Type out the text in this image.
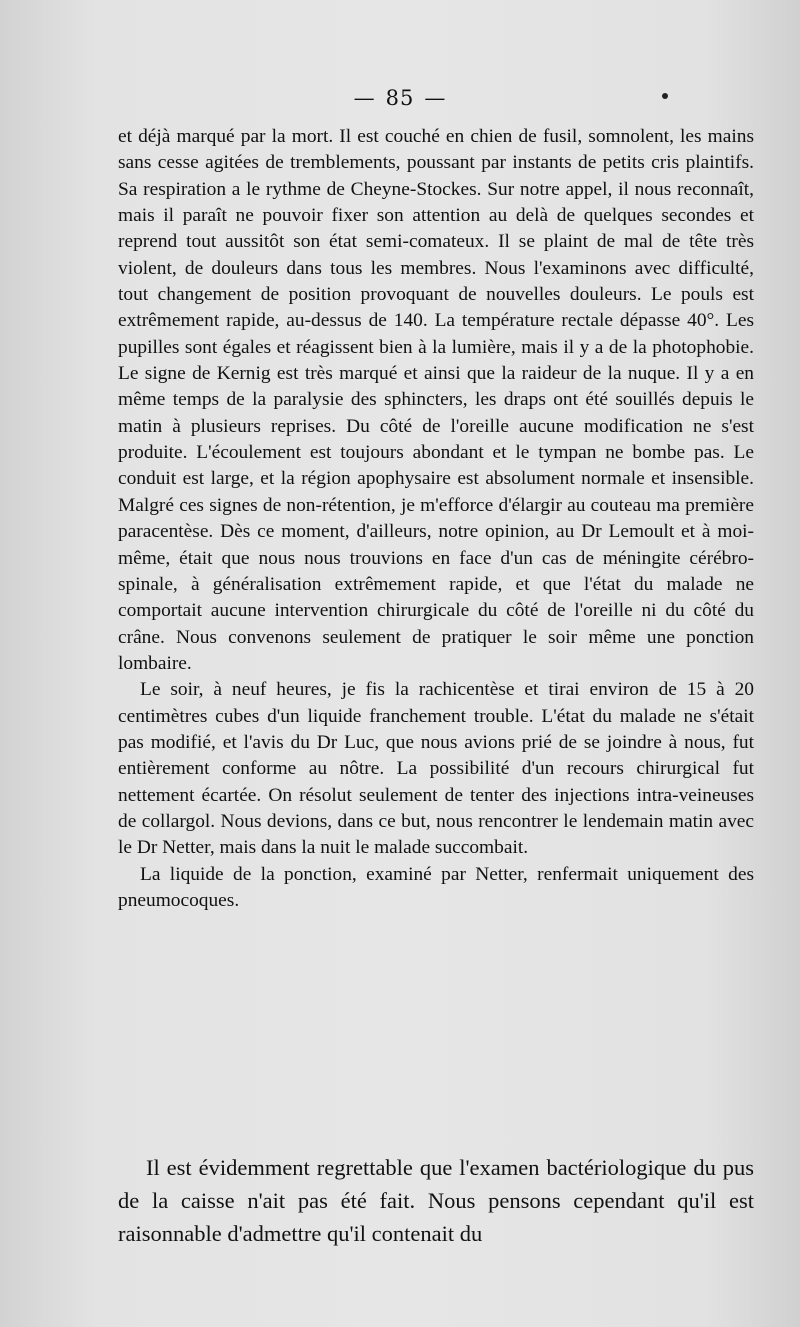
— 85 —

et déjà marqué par la mort. Il est couché en chien de fusil, somnolent, les mains sans cesse agitées de tremblements, poussant par instants de petits cris plaintifs. Sa respiration a le rythme de Cheyne-Stockes. Sur notre appel, il nous reconnaît, mais il paraît ne pouvoir fixer son attention au delà de quelques secondes et reprend tout aussitôt son état semi-comateux. Il se plaint de mal de tête très violent, de douleurs dans tous les membres. Nous l'examinons avec difficulté, tout changement de position provoquant de nouvelles douleurs. Le pouls est extrêmement rapide, au-dessus de 140. La température rectale dépasse 40°. Les pupilles sont égales et réagissent bien à la lumière, mais il y a de la photophobie. Le signe de Kernig est très marqué et ainsi que la raideur de la nuque. Il y a en même temps de la paralysie des sphincters, les draps ont été souillés depuis le matin à plusieurs reprises. Du côté de l'oreille aucune modification ne s'est produite. L'écoulement est toujours abondant et le tympan ne bombe pas. Le conduit est large, et la région apophysaire est absolument normale et insensible. Malgré ces signes de non-rétention, je m'efforce d'élargir au couteau ma première paracentèse. Dès ce moment, d'ailleurs, notre opinion, au Dr Lemoult et à moi-même, était que nous nous trouvions en face d'un cas de méningite cérébro-spinale, à généralisation extrêmement rapide, et que l'état du malade ne comportait aucune intervention chirurgicale du côté de l'oreille ni du côté du crâne. Nous convenons seulement de pratiquer le soir même une ponction lombaire.

Le soir, à neuf heures, je fis la rachicentèse et tirai environ de 15 à 20 centimètres cubes d'un liquide franchement trouble. L'état du malade ne s'était pas modifié, et l'avis du Dr Luc, que nous avions prié de se joindre à nous, fut entièrement conforme au nôtre. La possibilité d'un recours chirurgical fut nettement écartée. On résolut seulement de tenter des injections intra-veineuses de collargol. Nous devions, dans ce but, nous rencontrer le lendemain matin avec le Dr Netter, mais dans la nuit le malade succombait.

La liquide de la ponction, examiné par Netter, renfermait uniquement des pneumocoques.

Il est évidemment regrettable que l'examen bactériologique du pus de la caisse n'ait pas été fait. Nous pensons cependant qu'il est raisonnable d'admettre qu'il contenait du
